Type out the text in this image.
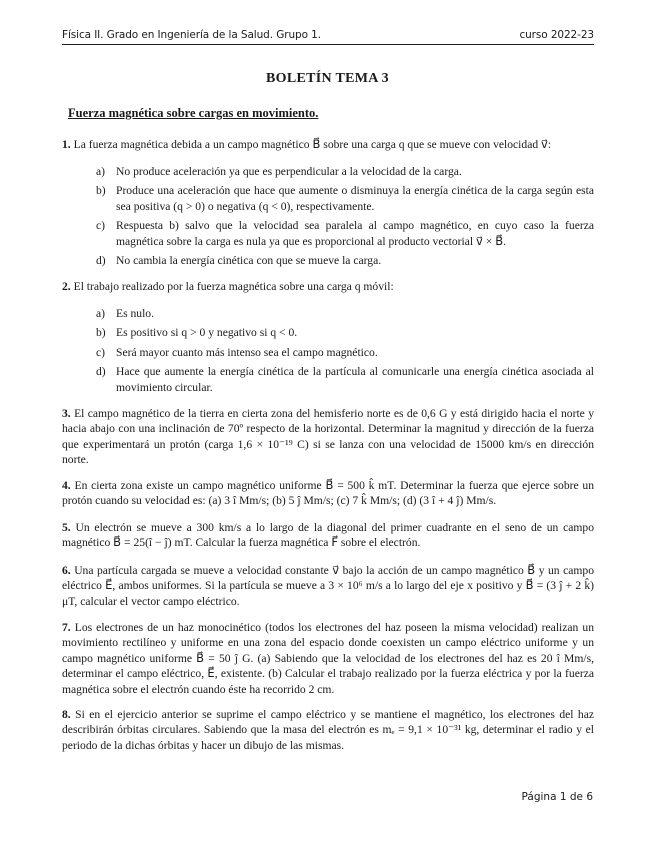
Física II. Grado en Ingeniería de la Salud. Grupo 1.	curso 2022-23
BOLETÍN TEMA 3
Fuerza magnética sobre cargas en movimiento.
1. La fuerza magnética debida a un campo magnético B⃗ sobre una carga q que se mueve con velocidad v⃗:
a) No produce aceleración ya que es perpendicular a la velocidad de la carga.
b) Produce una aceleración que hace que aumente o disminuya la energía cinética de la carga según esta sea positiva (q > 0) o negativa (q < 0), respectivamente.
c) Respuesta b) salvo que la velocidad sea paralela al campo magnético, en cuyo caso la fuerza magnética sobre la carga es nula ya que es proporcional al producto vectorial v⃗ × B⃗.
d) No cambia la energía cinética con que se mueve la carga.
2. El trabajo realizado por la fuerza magnética sobre una carga q móvil:
a) Es nulo.
b) Es positivo si q > 0 y negativo si q < 0.
c) Será mayor cuanto más intenso sea el campo magnético.
d) Hace que aumente la energía cinética de la partícula al comunicarle una energía cinética asociada al movimiento circular.
3. El campo magnético de la tierra en cierta zona del hemisferio norte es de 0,6 G y está dirigido hacia el norte y hacia abajo con una inclinación de 70º respecto de la horizontal. Determinar la magnitud y dirección de la fuerza que experimentará un protón (carga 1,6 × 10⁻¹⁹ C) si se lanza con una velocidad de 15000 km/s en dirección norte.
4. En cierta zona existe un campo magnético uniforme B⃗ = 500 k̂ mT. Determinar la fuerza que ejerce sobre un protón cuando su velocidad es: (a) 3 î Mm/s; (b) 5 ĵ Mm/s; (c) 7 k̂ Mm/s; (d) (3 î + 4 ĵ) Mm/s.
5. Un electrón se mueve a 300 km/s a lo largo de la diagonal del primer cuadrante en el seno de un campo magnético B⃗ = 25(î − ĵ) mT. Calcular la fuerza magnética F⃗ sobre el electrón.
6. Una partícula cargada se mueve a velocidad constante v⃗ bajo la acción de un campo magnético B⃗ y un campo eléctrico E⃗, ambos uniformes. Si la partícula se mueve a 3 × 10⁶ m/s a lo largo del eje x positivo y B⃗ = (3 ĵ + 2 k̂) μT, calcular el vector campo eléctrico.
7. Los electrones de un haz monocinético (todos los electrones del haz poseen la misma velocidad) realizan un movimiento rectilíneo y uniforme en una zona del espacio donde coexisten un campo eléctrico uniforme y un campo magnético uniforme B⃗ = 50 ĵ G. (a) Sabiendo que la velocidad de los electrones del haz es 20 î Mm/s, determinar el campo eléctrico, E⃗, existente. (b) Calcular el trabajo realizado por la fuerza eléctrica y por la fuerza magnética sobre el electrón cuando éste ha recorrido 2 cm.
8. Si en el ejercicio anterior se suprime el campo eléctrico y se mantiene el magnético, los electrones del haz describirán órbitas circulares. Sabiendo que la masa del electrón es mₑ = 9,1 × 10⁻³¹ kg, determinar el radio y el periodo de la dichas órbitas y hacer un dibujo de las mismas.
Página 1 de 6
